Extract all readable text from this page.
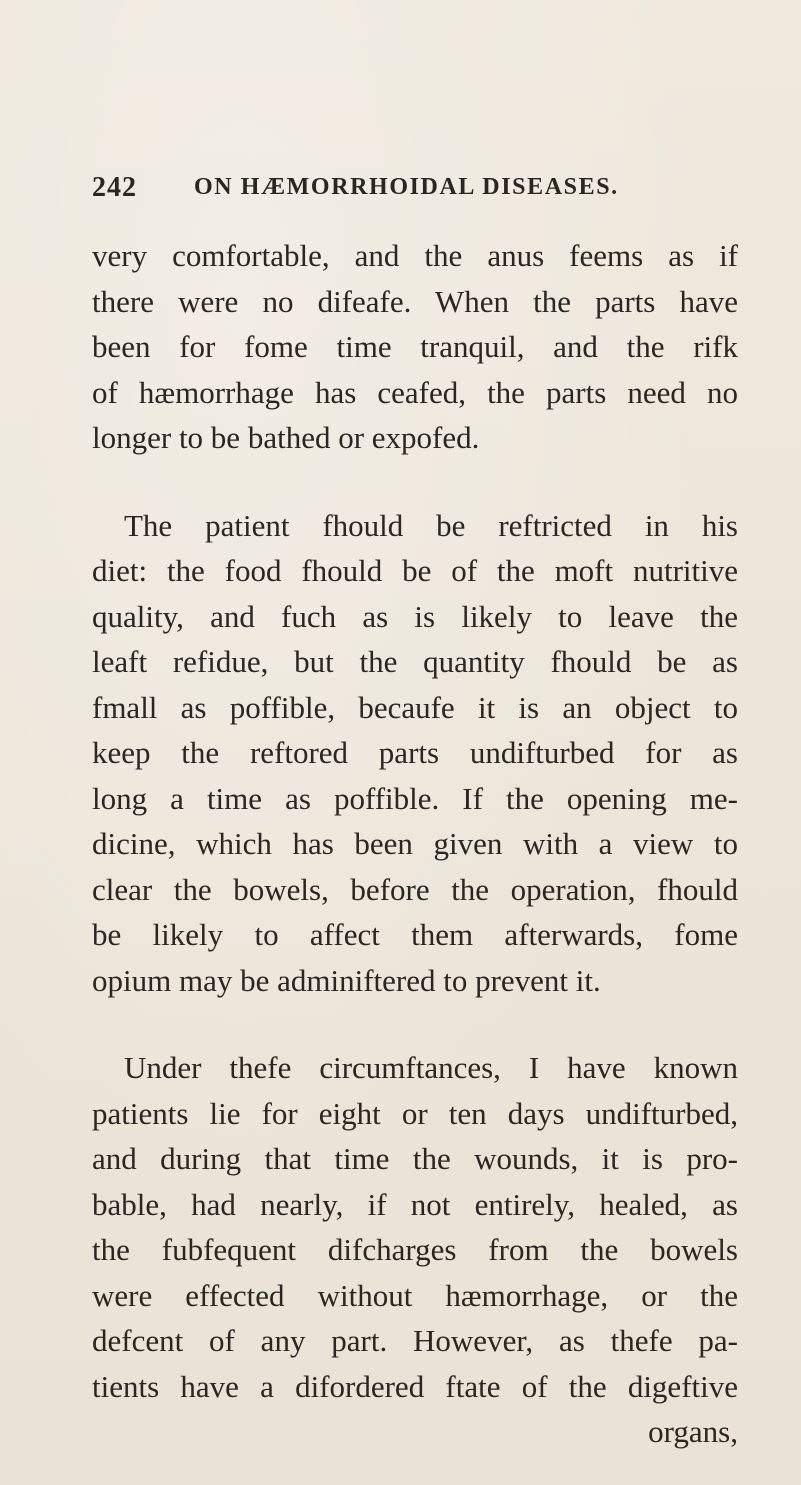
242 ON HÆMORRHOIDAL DISEASES.
very comfortable, and the anus feems as if
there were no difeafe. When the parts have
been for fome time tranquil, and the rifk
of hæmorrhage has ceafed, the parts need no
longer to be bathed or expofed.
The patient fhould be reftricted in his
diet: the food fhould be of the moft nutritive
quality, and fuch as is likely to leave the
leaft refidue, but the quantity fhould be as
fmall as poffible, becaufe it is an object to
keep the reftored parts undifturbed for as
long a time as poffible. If the opening me-
dicine, which has been given with a view to
clear the bowels, before the operation, fhould
be likely to affect them afterwards, fome
opium may be adminiftered to prevent it.
Under thefe circumftances, I have known
patients lie for eight or ten days undifturbed,
and during that time the wounds, it is pro-
bable, had nearly, if not entirely, healed, as
the fubfequent difcharges from the bowels
were effected without hæmorrhage, or the
defcent of any part. However, as thefe pa-
tients have a difordered ftate of the digeftive
organs,
